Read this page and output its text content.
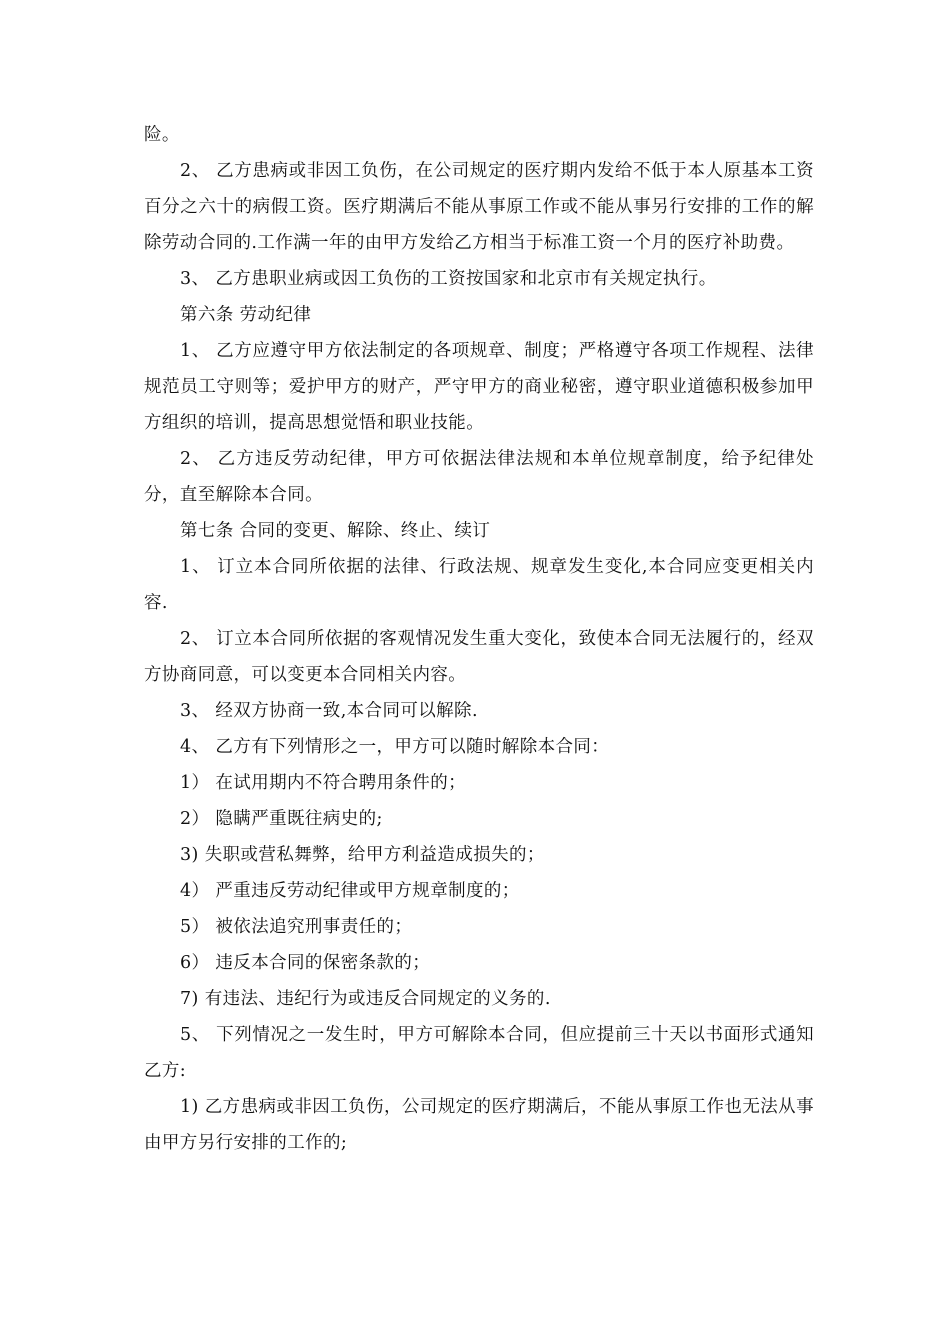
险。

2、 乙方患病或非因工负伤，在公司规定的医疗期内发给不低于本人原基本工资百分之六十的病假工资。医疗期满后不能从事原工作或不能从事另行安排的工作的解除劳动合同的.工作满一年的由甲方发给乙方相当于标准工资一个月的医疗补助费。

3、 乙方患职业病或因工负伤的工资按国家和北京市有关规定执行。

第六条 劳动纪律

1、 乙方应遵守甲方依法制定的各项规章、制度；严格遵守各项工作规程、法律规范员工守则等；爱护甲方的财产，严守甲方的商业秘密，遵守职业道德积极参加甲方组织的培训，提高思想觉悟和职业技能。

2、 乙方违反劳动纪律，甲方可依据法律法规和本单位规章制度，给予纪律处分，直至解除本合同。

第七条 合同的变更、解除、终止、续订

1、 订立本合同所依据的法律、行政法规、规章发生变化,本合同应变更相关内容.

2、 订立本合同所依据的客观情况发生重大变化，致使本合同无法履行的，经双方协商同意，可以变更本合同相关内容。

3、 经双方协商一致,本合同可以解除.

4、 乙方有下列情形之一，甲方可以随时解除本合同：

1） 在试用期内不符合聘用条件的；

2） 隐瞒严重既往病史的;

3) 失职或营私舞弊，给甲方利益造成损失的；

4） 严重违反劳动纪律或甲方规章制度的；

5） 被依法追究刑事责任的；

6） 违反本合同的保密条款的；

7) 有违法、违纪行为或违反合同规定的义务的.

5、 下列情况之一发生时，甲方可解除本合同，但应提前三十天以书面形式通知乙方:

1) 乙方患病或非因工负伤，公司规定的医疗期满后，不能从事原工作也无法从事由甲方另行安排的工作的;
